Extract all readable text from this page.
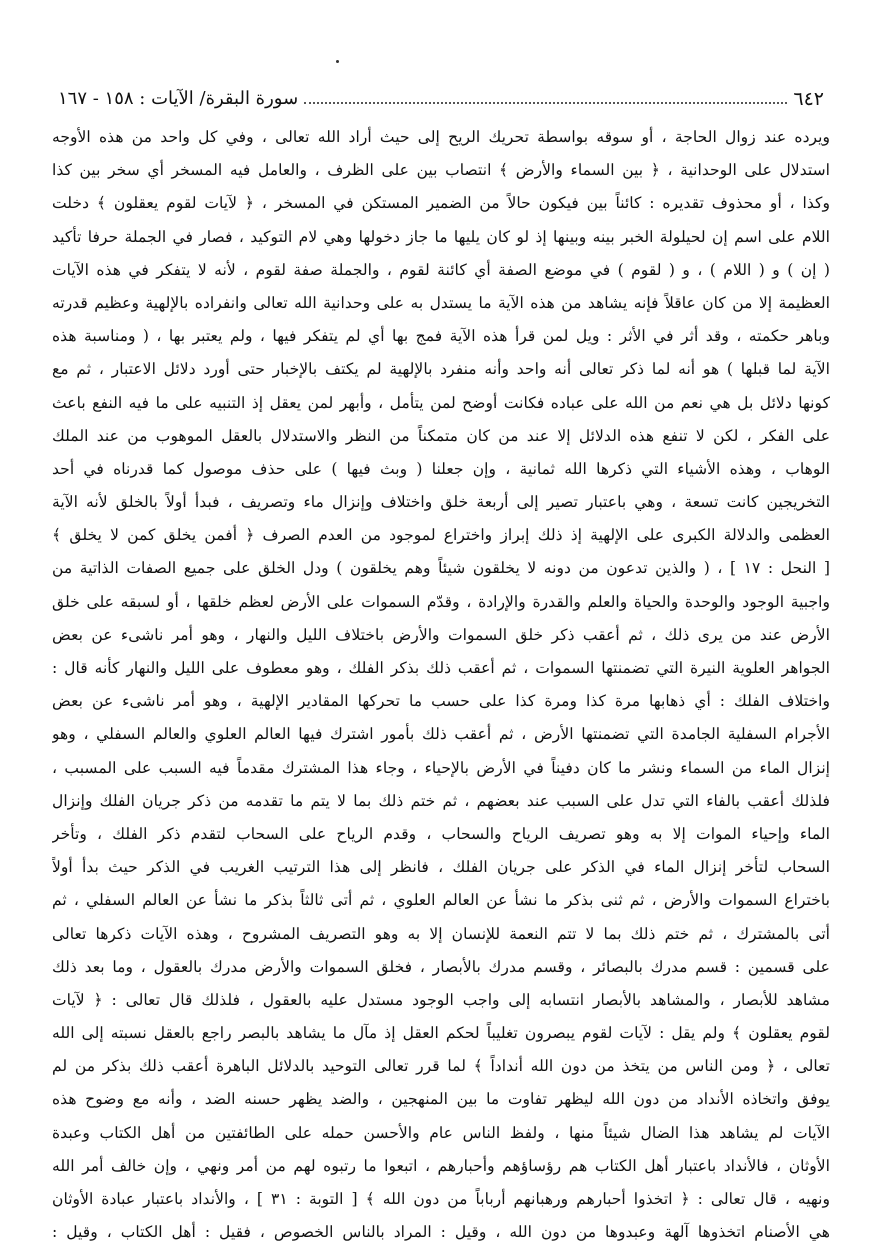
٦٤٢
سورة البقرة/ الآيات : ١٥٨ - ١٦٧
ويرده عند زوال الحاجة ، أو سوقه بواسطة تحريك الريح إلى حيث أراد الله تعالى ، وفي كل واحد من هذه الأوجه
استدلال على الوحدانية ، ﴿ بين السماء والأرض ﴾ انتصاب بين على الظرف ، والعامل فيه المسخر أي سخر بين كذا
وكذا ، أو محذوف تقديره : كائناً بين فيكون حالاً من الضمير المستكن في المسخر ، ﴿ لآيات لقوم يعقلون ﴾ دخلت
اللام على اسم إن لحيلولة الخبر بينه وبينها إذ لو كان يليها ما جاز دخولها وهي لام التوكيد ، فصار في الجملة حرفا تأكيد
( إن ) و ( اللام ) ، و ( لقوم ) في موضع الصفة أي كائنة لقوم ، والجملة صفة لقوم ، لأنه لا يتفكر في هذه الآيات
العظيمة إلا من كان عاقلاً فإنه يشاهد من هذه الآية ما يستدل به على وحدانية الله تعالى وانفراده بالإلهية وعظيم قدرته
وباهر حكمته ، وقد أثر في الأثر : ويل لمن قرأ هذه الآية فمج بها أي لم يتفكر فيها ، ولم يعتبر بها ، ( ومناسبة هذه
الآية لما قبلها ) هو أنه لما ذكر تعالى أنه واحد وأنه منفرد بالإلهية لم يكتف بالإخبار حتى أورد دلائل الاعتبار ، ثم مع
كونها دلائل بل هي نعم من الله على عباده فكانت أوضح لمن يتأمل ، وأبهر لمن يعقل إذ التنبيه على ما فيه النفع باعث
على الفكر ، لكن لا تنفع هذه الدلائل إلا عند من كان متمكناً من النظر والاستدلال بالعقل الموهوب من عند الملك
الوهاب ، وهذه الأشياء التي ذكرها الله ثمانية ، وإن جعلنا ( وبث فيها ) على حذف موصول كما قدرناه في أحد
التخريجين كانت تسعة ، وهي باعتبار تصير إلى أربعة خلق واختلاف وإنزال ماء وتصريف ، فبدأ أولاً بالخلق لأنه الآية
العظمى والدلالة الكبرى على الإلهية إذ ذلك إبراز واختراع لموجود من العدم الصرف ﴿ أفمن يخلق كمن لا يخلق ﴾
[ النحل : ١٧ ] ، ( والذين تدعون من دونه لا يخلقون شيئاً وهم يخلقون ) ودل الخلق على جميع الصفات الذاتية من
واجبية الوجود والوحدة والحياة والعلم والقدرة والإرادة ، وقدّم السموات على الأرض لعظم خلقها ، أو لسبقه على خلق
الأرض عند من يرى ذلك ، ثم أعقب ذكر خلق السموات والأرض باختلاف الليل والنهار ، وهو أمر ناشىء عن بعض
الجواهر العلوية النيرة التي تضمنتها السموات ، ثم أعقب ذلك بذكر الفلك ، وهو معطوف على الليل والنهار كأنه قال :
واختلاف الفلك : أي ذهابها مرة كذا ومرة كذا على حسب ما تحركها المقادير الإلهية ، وهو أمر ناشىء عن بعض
الأجرام السفلية الجامدة التي تضمنتها الأرض ، ثم أعقب ذلك بأمور اشترك فيها العالم العلوي والعالم السفلي ، وهو
إنزال الماء من السماء ونشر ما كان دفيناً في الأرض بالإحياء ، وجاء هذا المشترك مقدماً فيه السبب على المسبب ،
فلذلك أعقب بالفاء التي تدل على السبب عند بعضهم ، ثم ختم ذلك بما لا يتم ما تقدمه من ذكر جريان الفلك وإنزال
الماء وإحياء الموات إلا به وهو تصريف الرياح والسحاب ، وقدم الرياح على السحاب لتقدم ذكر الفلك ، وتأخر
السحاب لتأخر إنزال الماء في الذكر على جريان الفلك ، فانظر إلى هذا الترتيب الغريب في الذكر حيث بدأ أولاً
باختراع السموات والأرض ، ثم ثنى بذكر ما نشأ عن العالم العلوي ، ثم أتى ثالثاً بذكر ما نشأ عن العالم السفلي ، ثم
أتى بالمشترك ، ثم ختم ذلك بما لا تتم النعمة للإنسان إلا به وهو التصريف المشروح ، وهذه الآيات ذكرها تعالى
على قسمين : قسم مدرك بالبصائر ، وقسم مدرك بالأبصار ، فخلق السموات والأرض مدرك بالعقول ، وما بعد ذلك
مشاهد للأبصار ، والمشاهد بالأبصار انتسابه إلى واجب الوجود مستدل عليه بالعقول ، فلذلك قال تعالى : ﴿ لآيات
لقوم يعقلون ﴾ ولم يقل : لآيات لقوم يبصرون تغليباً لحكم العقل إذ مآل ما يشاهد بالبصر راجع بالعقل نسبته إلى الله
تعالى ، ﴿ ومن الناس من يتخذ من دون الله أنداداً ﴾ لما قرر تعالى التوحيد بالدلائل الباهرة أعقب ذلك بذكر من لم
يوفق واتخاذه الأنداد من دون الله ليظهر تفاوت ما بين المنهجين ، والضد يظهر حسنه الضد ، وأنه مع وضوح هذه
الآيات لم يشاهد هذا الضال شيئاً منها ، ولفظ الناس عام والأحسن حمله على الطائفتين من أهل الكتاب وعبدة
الأوثان ، فالأنداد باعتبار أهل الكتاب هم رؤساؤهم وأحبارهم ، اتبعوا ما رتبوه لهم من أمر ونهي ، وإن خالف أمر الله
ونهيه ، قال تعالى : ﴿ اتخذوا أحبارهم ورهبانهم أرباباً من دون الله ﴾ [ التوبة : ٣١ ] ، والأنداد باعتبار عبادة الأوثان
هي الأصنام اتخذوها آلهة وعبدوها من دون الله ، وقيل : المراد بالناس الخصوص ، فقيل : أهل الكتاب ، وقيل :
